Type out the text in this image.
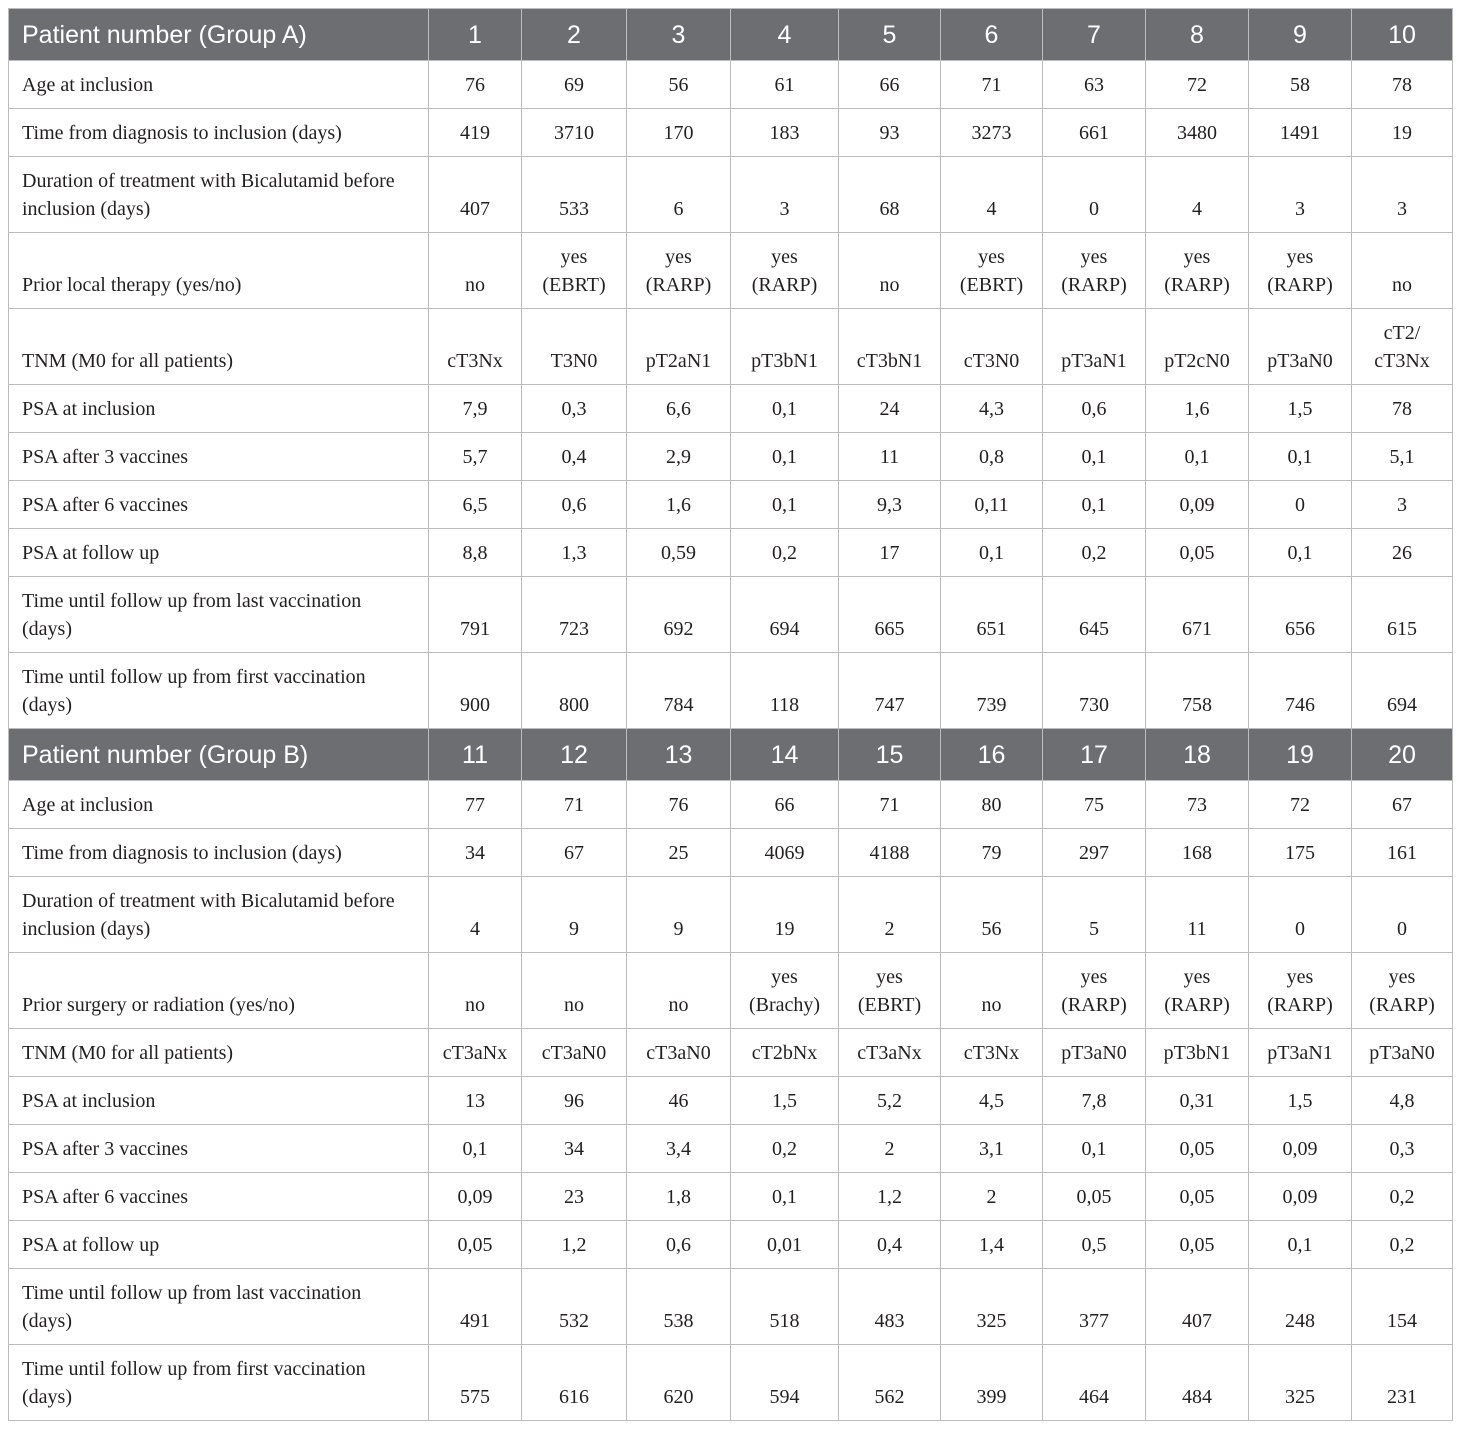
Patient number (Group A)	1	2	3	4	5	6	7	8	9	10
Age at inclusion	76	69	56	61	66	71	63	72	58	78
Time from diagnosis to inclusion (days)	419	3710	170	183	93	3273	661	3480	1491	19
Duration of treatment with Bicalutamid before inclusion (days)	407	533	6	3	68	4	0	4	3	3
Prior local therapy (yes/no)	no	yes (EBRT)	yes (RARP)	yes (RARP)	no	yes (EBRT)	yes (RARP)	yes (RARP)	yes (RARP)	no
TNM (M0 for all patients)	cT3Nx	T3N0	pT2aN1	pT3bN1	cT3bN1	cT3N0	pT3aN1	pT2cN0	pT3aN0	cT2/​cT3Nx
PSA at inclusion	7,9	0,3	6,6	0,1	24	4,3	0,6	1,6	1,5	78
PSA after 3 vaccines	5,7	0,4	2,9	0,1	11	0,8	0,1	0,1	0,1	5,1
PSA after 6 vaccines	6,5	0,6	1,6	0,1	9,3	0,11	0,1	0,09	0	3
PSA at follow up	8,8	1,3	0,59	0,2	17	0,1	0,2	0,05	0,1	26
Time until follow up from last vaccination (days)	791	723	692	694	665	651	645	671	656	615
Time until follow up from first vaccination (days)	900	800	784	118	747	739	730	758	746	694
Patient number (Group B)	11	12	13	14	15	16	17	18	19	20
Age at inclusion	77	71	76	66	71	80	75	73	72	67
Time from diagnosis to inclusion (days)	34	67	25	4069	4188	79	297	168	175	161
Duration of treatment with Bicalutamid before inclusion (days)	4	9	9	19	2	56	5	11	0	0
Prior surgery or radiation (yes/no)	no	no	no	yes (Brachy)	yes (EBRT)	no	yes (RARP)	yes (RARP)	yes (RARP)	yes (RARP)
TNM (M0 for all patients)	cT3aNx	cT3aN0	cT3aN0	cT2bNx	cT3aNx	cT3Nx	pT3aN0	pT3bN1	pT3aN1	pT3aN0
PSA at inclusion	13	96	46	1,5	5,2	4,5	7,8	0,31	1,5	4,8
PSA after 3 vaccines	0,1	34	3,4	0,2	2	3,1	0,1	0,05	0,09	0,3
PSA after 6 vaccines	0,09	23	1,8	0,1	1,2	2	0,05	0,05	0,09	0,2
PSA at follow up	0,05	1,2	0,6	0,01	0,4	1,4	0,5	0,05	0,1	0,2
Time until follow up from last vaccination (days)	491	532	538	518	483	325	377	407	248	154
Time until follow up from first vaccination (days)	575	616	620	594	562	399	464	484	325	231
